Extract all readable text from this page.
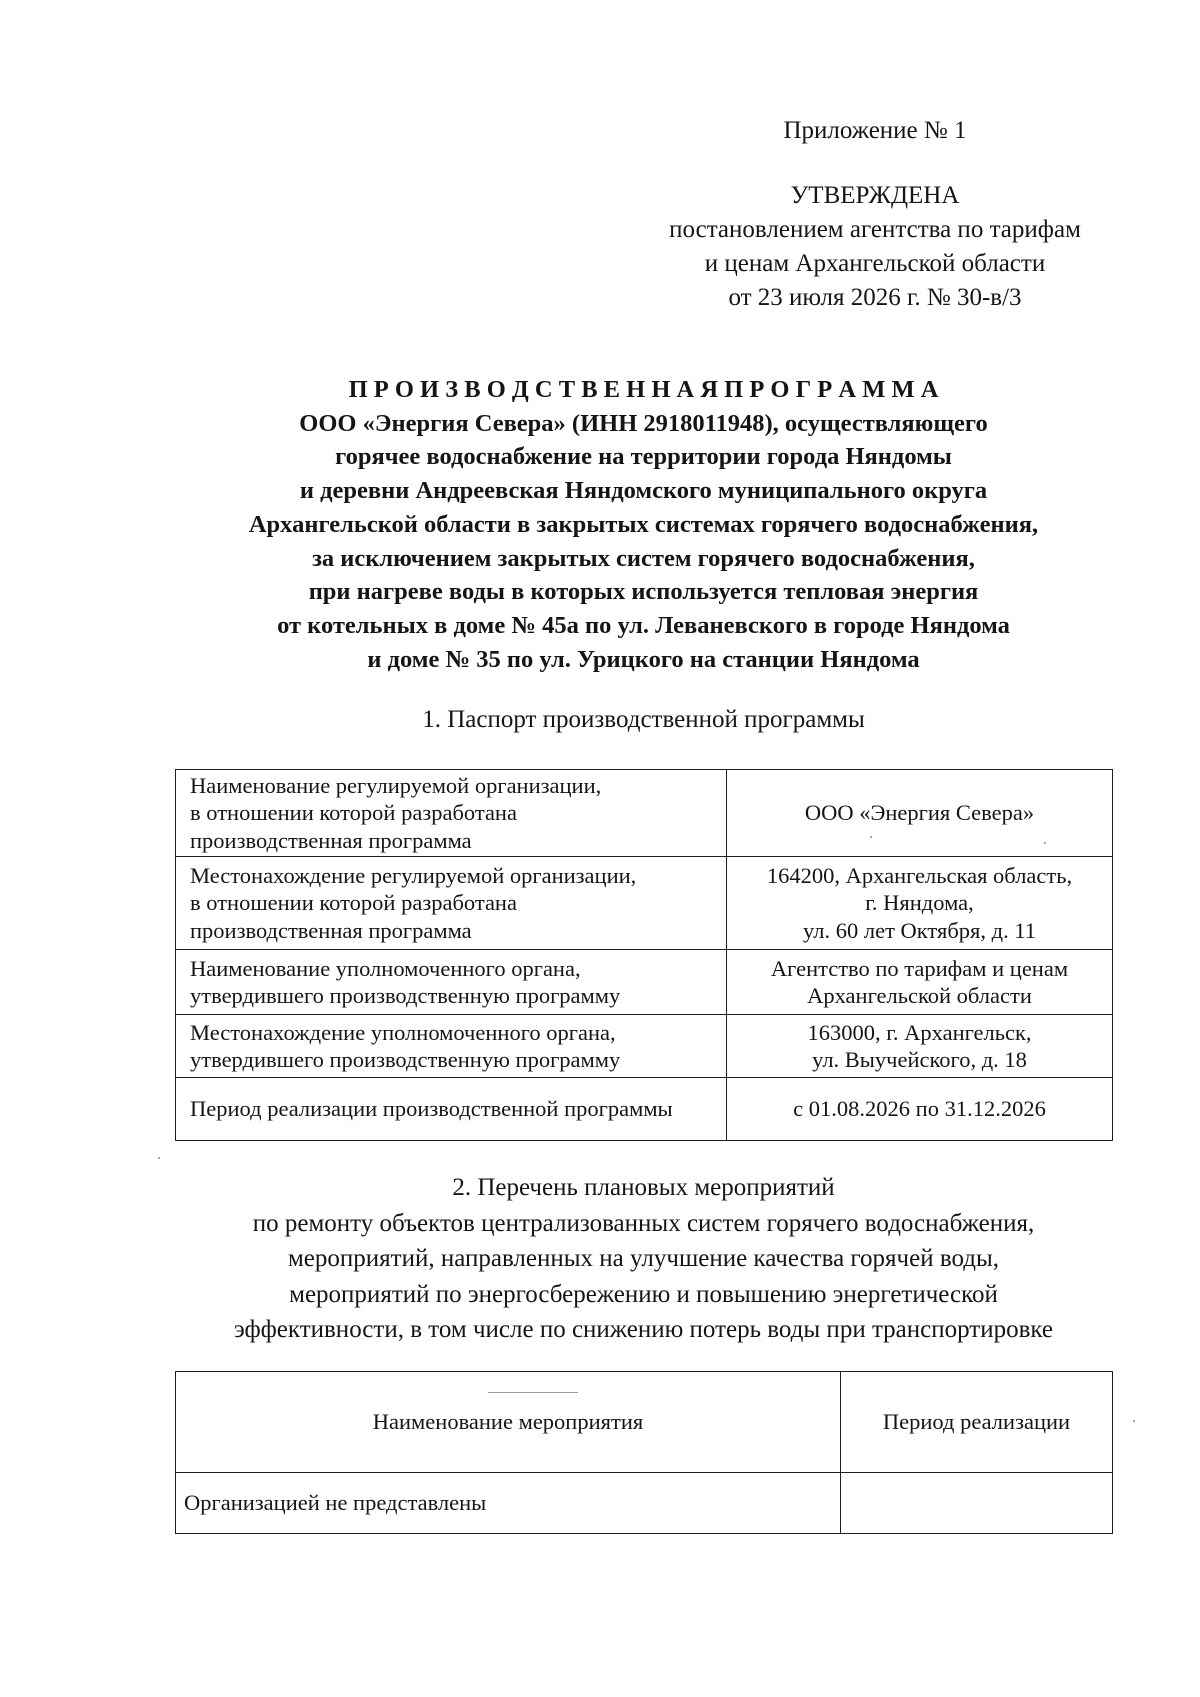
Приложение № 1
УТВЕРЖДЕНА
постановлением агентства по тарифам
и ценам Архангельской области
от 23 июля 2026 г. № 30-в/3
П Р О И З В О Д С Т В Е Н Н А Я П Р О Г Р А М М А
ООО «Энергия Севера» (ИНН 2918011948), осуществляющего
горячее водоснабжение на территории города Няндомы
и деревни Андреевская Няндомского муниципального округа
Архангельской области в закрытых системах горячего водоснабжения,
за исключением закрытых систем горячего водоснабжения,
при нагреве воды в которых используется тепловая энергия
от котельных в доме № 45а по ул. Леваневского в городе Няндома
и доме № 35 по ул. Урицкого на станции Няндома
1. Паспорт производственной программы
Наименование регулируемой организации,
в отношении которой разработана
производственная программа	ООО «Энергия Севера»

Местонахождение регулируемой организации,
в отношении которой разработана
производственная программа	164200, Архангельская область,
г. Няндома,
ул. 60 лет Октября, д. 11

Наименование уполномоченного органа,
утвердившего производственную программу	Агентство по тарифам и ценам
Архангельской области

Местонахождение уполномоченного органа,
утвердившего производственную программу	163000, г. Архангельск,
ул. Выучейского, д. 18

Период реализации производственной программы	с 01.08.2026 по 31.12.2026
2. Перечень плановых мероприятий
по ремонту объектов централизованных систем горячего водоснабжения,
мероприятий, направленных на улучшение качества горячей воды,
мероприятий по энергосбережению и повышению энергетической
эффективности, в том числе по снижению потерь воды при транспортировке
Наименование мероприятия	Период реализации
Организацией не представлены	
